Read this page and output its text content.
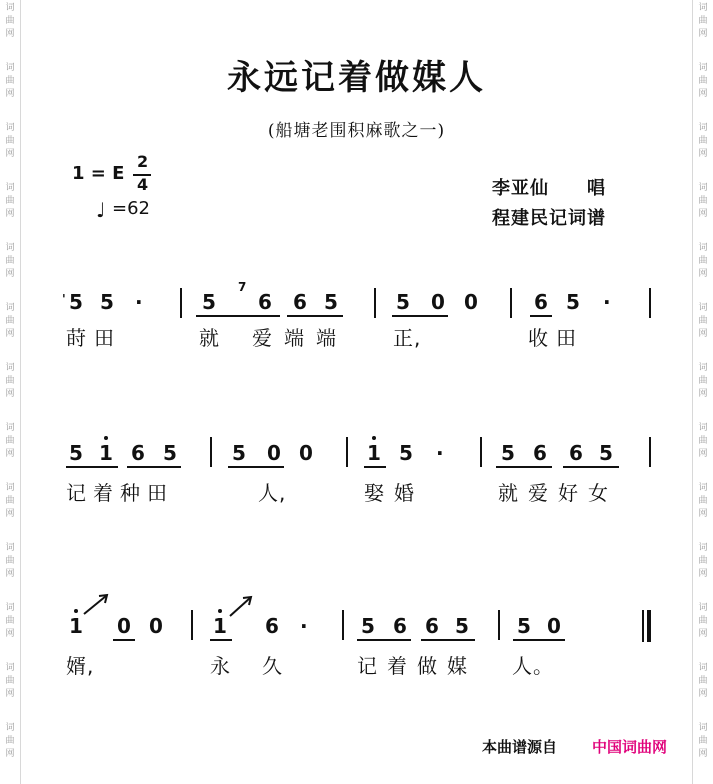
词
曲
网
词
曲
网
词
曲
网
词
曲
网
词
曲
网
词
曲
网
词
曲
网
词
曲
网
词
曲
网
词
曲
网
词
曲
网
词
曲
网
词
曲
网
词
曲
网
词
曲
网
词
曲
网
词
曲
网
词
曲
网
词
曲
网
词
曲
网
词
曲
网
词
曲
网
词
曲
网
词
曲
网
词
曲
网
词
曲
网
永远记着做媒人
(船塘老围积麻歌之一)
1 = E
2
4
♩ =62
李亚仙　　唱
程建民记词谱
' 5 5 ·	5
7
6 6 5	5 0 0	6 5 ·
莳田	就 爱端端 正,	收田
5 1 6 5	5 0 0	1 5 ·	5 6 6 5
记着种田	人,	娶婚	就爱好女
1 0 0	1 6 ·	5 6 6 5 5 0
婿,	永 久	记着做媒 人。
本曲谱源自 中国词曲网
